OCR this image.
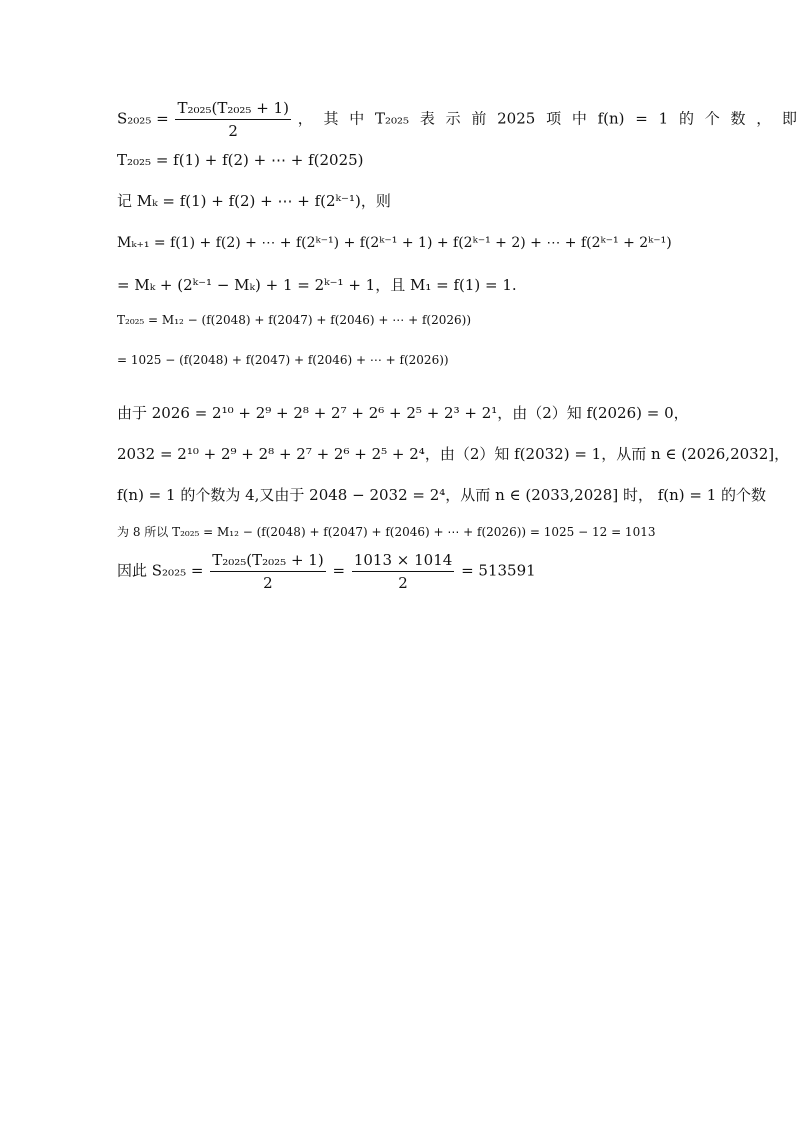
$S_{2025} = \frac{\text{T₂₀₂₅(T₂₀₂₅ + 1)}}{2}$ ， 其 中 T₂₀₂₅ 表 示 前 2025 项 中 f(n) = 1 的 个 数 ， 即
T₂₀₂₅ = f(1) + f(2) + ⋯ + f(2025)
记 Mₖ = f(1) + f(2) + ⋯ + f(2ᵏ⁻¹)，则
Mₖ₊₁ = f(1) + f(2) + ⋯ + f(2ᵏ⁻¹) + f(2ᵏ⁻¹ + 1) + f(2ᵏ⁻¹ + 2) + ⋯ + f(2ᵏ⁻¹ + 2ᵏ⁻¹)
= Mₖ + (2ᵏ⁻¹ − Mₖ) + 1 = 2ᵏ⁻¹ + 1，且 M₁ = f(1) = 1.
T₂₀₂₅ = M₁₂ − (f(2048) + f(2047) + f(2046) + ⋯ + f(2026))
= 1025 − (f(2048) + f(2047) + f(2046) + ⋯ + f(2026))
由于 2026 = 2¹⁰ + 2⁹ + 2⁸ + 2⁷ + 2⁶ + 2⁵ + 2³ + 2¹，由（2）知 f(2026) = 0，
2032 = 2¹⁰ + 2⁹ + 2⁸ + 2⁷ + 2⁶ + 2⁵ + 2⁴，由（2）知 f(2032) = 1，从而 n ∈ (2026,2032]，
f(n) = 1 的个数为 4,又由于 2048 − 2032 = 2⁴，从而 n ∈ (2033,2028] 时， f(n) = 1 的个数
为 8 所以 T₂₀₂₅ = M₁₂ − (f(2048) + f(2047) + f(2046) + ⋯ + f(2026)) = 1025 − 12 = 1013
因此 $S_{2025} = \frac{\text{T₂₀₂₅(T₂₀₂₅ + 1)}}{2} = \frac{1013 \times 1014}{2} = 513591$
